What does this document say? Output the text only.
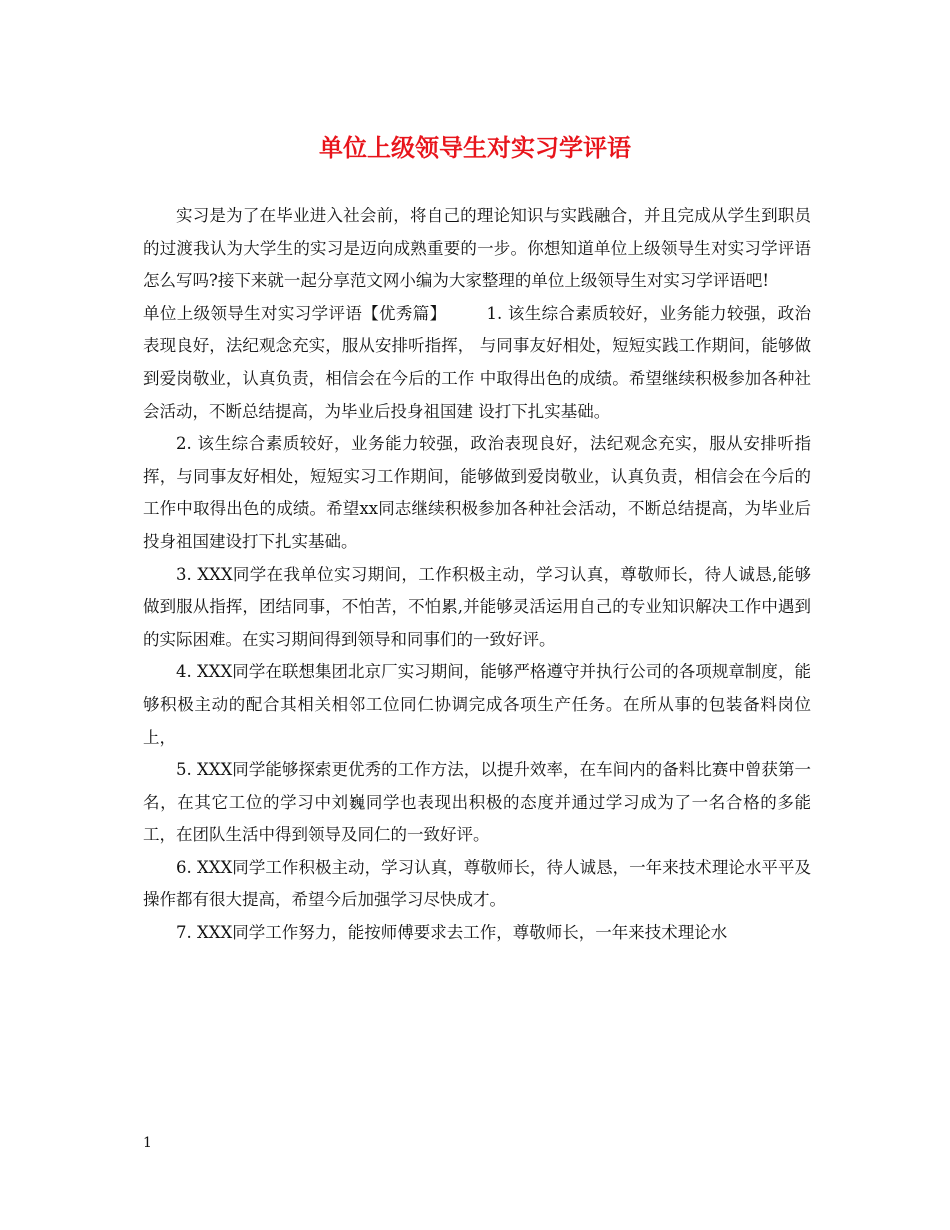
单位上级领导生对实习学评语

实习是为了在毕业进入社会前，将自己的理论知识与实践融合，并且完成从学生到职员的过渡我认为大学生的实习是迈向成熟重要的一步。你想知道单位上级领导生对实习学评语怎么写吗?接下来就一起分享范文网小编为大家整理的单位上级领导生对实习学评语吧!

单位上级领导生对实习学评语【优秀篇】 1. 该生综合素质较好，业务能力较强，政治表现良好，法纪观念充实，服从安排听指挥， 与同事友好相处，短短实践工作期间，能够做到爱岗敬业，认真负责，相信会在今后的工作 中取得出色的成绩。希望继续积极参加各种社会活动，不断总结提高，为毕业后投身祖国建 设打下扎实基础。

2. 该生综合素质较好，业务能力较强，政治表现良好，法纪观念充实，服从安排听指挥，与同事友好相处，短短实习工作期间，能够做到爱岗敬业，认真负责，相信会在今后的工作中取得出色的成绩。希望xx同志继续积极参加各种社会活动，不断总结提高，为毕业后投身祖国建设打下扎实基础。

3. XXX同学在我单位实习期间，工作积极主动，学习认真，尊敬师长，待人诚恳,能够做到服从指挥，团结同事，不怕苦，不怕累,并能够灵活运用自己的专业知识解决工作中遇到的实际困难。在实习期间得到领导和同事们的一致好评。

4. XXX同学在联想集团北京厂实习期间，能够严格遵守并执行公司的各项规章制度，能够积极主动的配合其相关相邻工位同仁协调完成各项生产任务。在所从事的包装备料岗位上，

5. XXX同学能够探索更优秀的工作方法，以提升效率，在车间内的备料比赛中曾获第一名，在其它工位的学习中刘巍同学也表现出积极的态度并通过学习成为了一名合格的多能工，在团队生活中得到领导及同仁的一致好评。

6. XXX同学工作积极主动，学习认真，尊敬师长，待人诚恳，一年来技术理论水平平及操作都有很大提高，希望今后加强学习尽快成才。

7. XXX同学工作努力，能按师傅要求去工作，尊敬师长，一年来技术理论水

1
